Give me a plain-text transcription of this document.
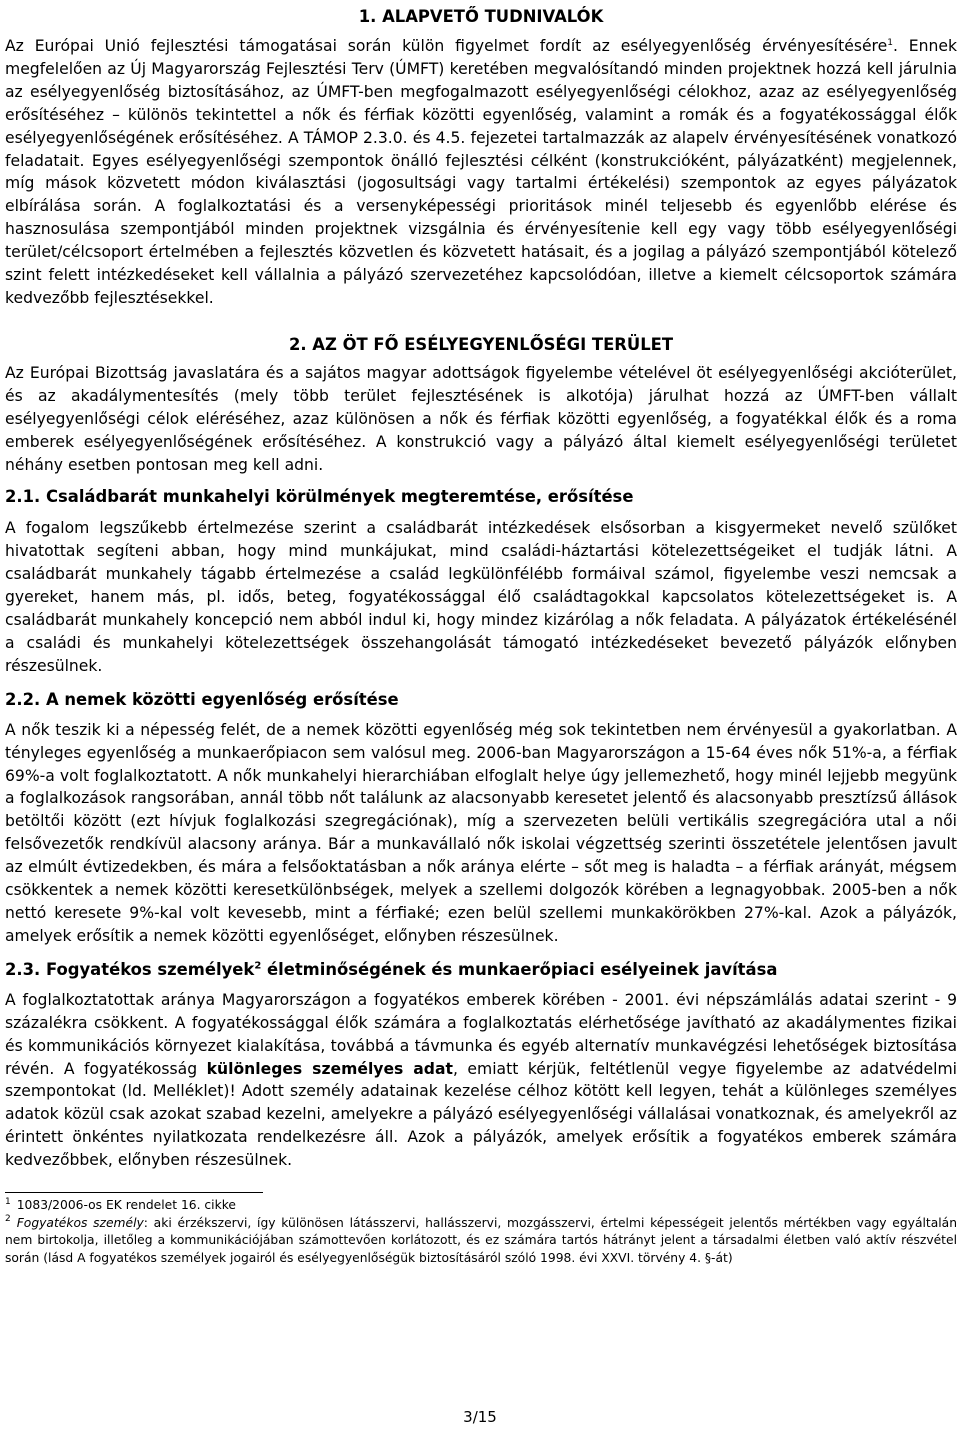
1. ALAPVETŐ TUDNIVALÓK

Az Európai Unió fejlesztési támogatásai során külön figyelmet fordít az esélyegyenlőség érvényesítésére$^1$. Ennek megfelelően az Új Magyarország Fejlesztési Terv (ÚMFT) keretében megvalósítandó minden projektnek hozzá kell járulnia az esélyegyenlőség biztosításához, az ÚMFT-ben megfogalmazott esélyegyenlőségi célokhoz, azaz az esélyegyenlőség erősítéséhez – különös tekintettel a nők és férfiak közötti egyenlőség, valamint a romák és a fogyatékossággal élők esélyegyenlőségének erősítéséhez. A TÁMOP 2.3.0. és 4.5. fejezetei tartalmazzák az alapelv érvényesítésének vonatkozó feladatait. Egyes esélyegyenlőségi szempontok önálló fejlesztési célként (konstrukcióként, pályázatként) megjelennek, míg mások közvetett módon kiválasztási (jogosultsági vagy tartalmi értékelési) szempontok az egyes pályázatok elbírálása során. A foglalkoztatási és a versenyképességi prioritások minél teljesebb és egyenlőbb elérése és hasznosulása szempontjából minden projektnek vizsgálnia és érvényesítenie kell egy vagy több esélyegyenlőségi terület/célcsoport értelmében a fejlesztés közvetlen és közvetett hatásait, és a jogilag a pályázó szempontjából kötelező szint felett intézkedéseket kell vállalnia a pályázó szervezetéhez kapcsolódóan, illetve a kiemelt célcsoportok számára kedvezőbb fejlesztésekkel.

2. AZ ÖT FŐ ESÉLYEGYENLŐSÉGI TERÜLET

Az Európai Bizottság javaslatára és a sajátos magyar adottságok figyelembe vételével öt esélyegyenlőségi akcióterület, és az akadálymentesítés (mely több terület fejlesztésének is alkotója) járulhat hozzá az ÚMFT-ben vállalt esélyegyenlőségi célok eléréséhez, azaz különösen a nők és férfiak közötti egyenlőség, a fogyatékkal élők és a roma emberek esélyegyenlőségének erősítéséhez. A konstrukció vagy a pályázó által kiemelt esélyegyenlőségi területet néhány esetben pontosan meg kell adni.

2.1. Családbarát munkahelyi körülmények megteremtése, erősítése

A fogalom legszűkebb értelmezése szerint a családbarát intézkedések elsősorban a kisgyermeket nevelő szülőket hivatottak segíteni abban, hogy mind munkájukat, mind családi-háztartási kötelezettségeiket el tudják látni. A családbarát munkahely tágabb értelmezése a család legkülönfélébb formáival számol, figyelembe veszi nemcsak a gyereket, hanem más, pl. idős, beteg, fogyatékossággal élő családtagokkal kapcsolatos kötelezettségeket is. A családbarát munkahely koncepció nem abból indul ki, hogy mindez kizárólag a nők feladata. A pályázatok értékelésénél a családi és munkahelyi kötelezettségek összehangolását támogató intézkedéseket bevezető pályázók előnyben részesülnek.

2.2. A nemek közötti egyenlőség erősítése

A nők teszik ki a népesség felét, de a nemek közötti egyenlőség még sok tekintetben nem érvényesül a gyakorlatban. A tényleges egyenlőség a munkaerőpiacon sem valósul meg. 2006-ban Magyarországon a 15-64 éves nők 51%-a, a férfiak 69%-a volt foglalkoztatott. A nők munkahelyi hierarchiában elfoglalt helye úgy jellemezhető, hogy minél lejjebb megyünk a foglalkozások rangsorában, annál több nőt találunk az alacsonyabb keresetet jelentő és alacsonyabb presztízsű állások betöltői között (ezt hívjuk foglalkozási szegregációnak), míg a szervezeten belüli vertikális szegregációra utal a női felsővezetők rendkívül alacsony aránya. Bár a munkavállaló nők iskolai végzettség szerinti összetétele jelentősen javult az elmúlt évtizedekben, és mára a felsőoktatásban a nők aránya elérte – sőt meg is haladta – a férfiak arányát, mégsem csökkentek a nemek közötti keresetkülönbségek, melyek a szellemi dolgozók körében a legnagyobbak. 2005-ben a nők nettó keresete 9%-kal volt kevesebb, mint a férfiaké; ezen belül szellemi munkakörökben 27%-kal. Azok a pályázók, amelyek erősítik a nemek közötti egyenlőséget, előnyben részesülnek.

2.3. Fogyatékos személyek$^2$ életminőségének és munkaerőpiaci esélyeinek javítása

A foglalkoztatottak aránya Magyarországon a fogyatékos emberek körében - 2001. évi népszámlálás adatai szerint - 9 százalékra csökkent. A fogyatékossággal élők számára a foglalkoztatás elérhetősége javítható az akadálymentes fizikai és kommunikációs környezet kialakítása, továbbá a távmunka és egyéb alternatív munkavégzési lehetőségek biztosítása révén. A fogyatékosság különleges személyes adat, emiatt kérjük, feltétlenül vegye figyelembe az adatvédelmi szempontokat (ld. Melléklet)! Adott személy adatainak kezelése célhoz kötött kell legyen, tehát a különleges személyes adatok közül csak azokat szabad kezelni, amelyekre a pályázó esélyegyenlőségi vállalásai vonatkoznak, és amelyekről az érintett önkéntes nyilatkozata rendelkezésre áll. Azok a pályázók, amelyek erősítik a fogyatékos emberek számára kedvezőbbek, előnyben részesülnek.

$^1$ 1083/2006-os EK rendelet 16. cikke

$^2$ Fogyatékos személy: aki érzékszervi, így különösen látásszervi, hallásszervi, mozgásszervi, értelmi képességeit jelentős mértékben vagy egyáltalán nem birtokolja, illetőleg a kommunikációjában számottevően korlátozott, és ez számára tartós hátrányt jelent a társadalmi életben való aktív részvétel során (lásd A fogyatékos személyek jogairól és esélyegyenlőségük biztosításáról szóló 1998. évi XXVI. törvény 4. §-át)

3/15
